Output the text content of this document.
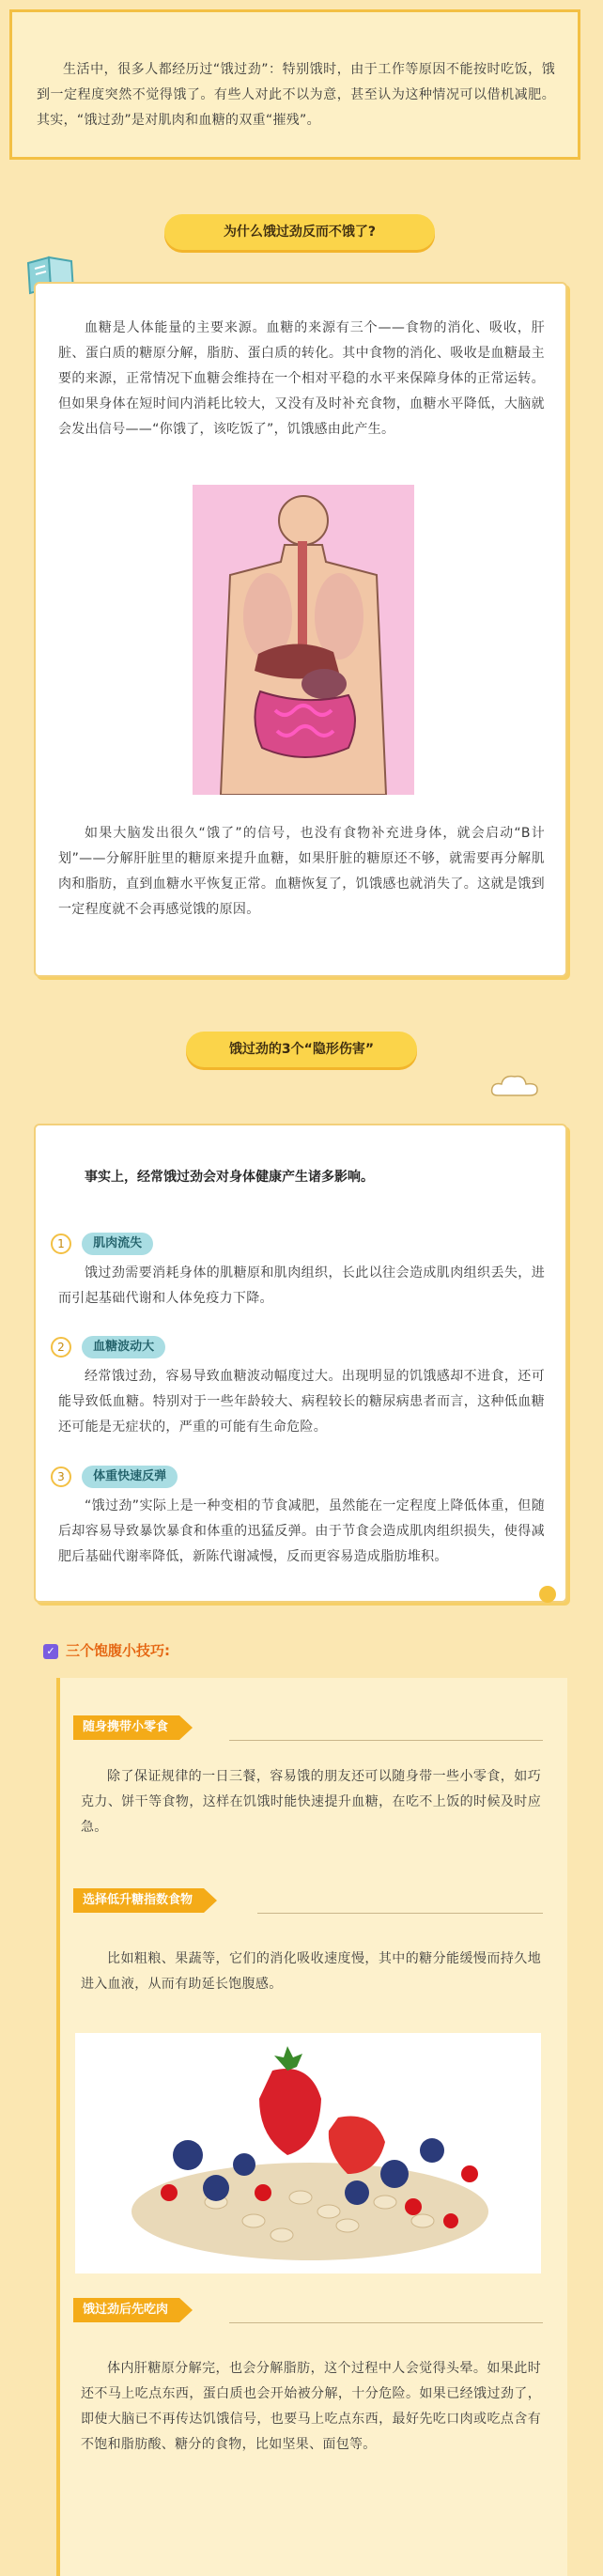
生活中，很多人都经历过“饿过劲”：特别饿时，由于工作等原因不能按时吃饭，饿到一定程度突然不觉得饿了。有些人对此不以为意，甚至认为这种情况可以借机减肥。其实，“饿过劲”是对肌肉和血糖的双重“摧残”。

为什么饿过劲反而不饿了?

血糖是人体能量的主要来源。血糖的来源有三个——食物的消化、吸收，肝脏、蛋白质的糖原分解，脂肪、蛋白质的转化。其中食物的消化、吸收是血糖最主要的来源，正常情况下血糖会维持在一个相对平稳的水平来保障身体的正常运转。但如果身体在短时间内消耗比较大，又没有及时补充食物，血糖水平降低，大脑就会发出信号——“你饿了，该吃饭了”，饥饿感由此产生。

如果大脑发出很久“饿了”的信号，也没有食物补充进身体，就会启动“B计划”——分解肝脏里的糖原来提升血糖，如果肝脏的糖原还不够，就需要再分解肌肉和脂肪，直到血糖水平恢复正常。血糖恢复了，饥饿感也就消失了。这就是饿到一定程度就不会再感觉饿的原因。

饿过劲的3个“隐形伤害”
事实上，经常饿过劲会对身体健康产生诸多影响。
1 肌肉流失

饿过劲需要消耗身体的肌糖原和肌肉组织，长此以往会造成肌肉组织丢失，进而引起基础代谢和人体免疫力下降。

2 血糖波动大

经常饿过劲，容易导致血糖波动幅度过大。出现明显的饥饿感却不进食，还可能导致低血糖。特别对于一些年龄较大、病程较长的糖尿病患者而言，这种低血糖还可能是无症状的，严重的可能有生命危险。

3 体重快速反弹

“饿过劲”实际上是一种变相的节食减肥，虽然能在一定程度上降低体重，但随后却容易导致暴饮暴食和体重的迅猛反弹。由于节食会造成肌肉组织损失，使得减肥后基础代谢率降低，新陈代谢减慢，反而更容易造成脂肪堆积。

✓ 三个饱腹小技巧:
随身携带小零食

除了保证规律的一日三餐，容易饿的朋友还可以随身带一些小零食，如巧克力、饼干等食物，这样在饥饿时能快速提升血糖，在吃不上饭的时候及时应急。

选择低升糖指数食物

比如粗粮、果蔬等，它们的消化吸收速度慢，其中的糖分能缓慢而持久地进入血液，从而有助延长饱腹感。

饿过劲后先吃肉

体内肝糖原分解完，也会分解脂肪，这个过程中人会觉得头晕。如果此时还不马上吃点东西，蛋白质也会开始被分解，十分危险。如果已经饿过劲了，即使大脑已不再传达饥饿信号，也要马上吃点东西，最好先吃口肉或吃点含有不饱和脂肪酸、糖分的食物，比如坚果、面包等。
